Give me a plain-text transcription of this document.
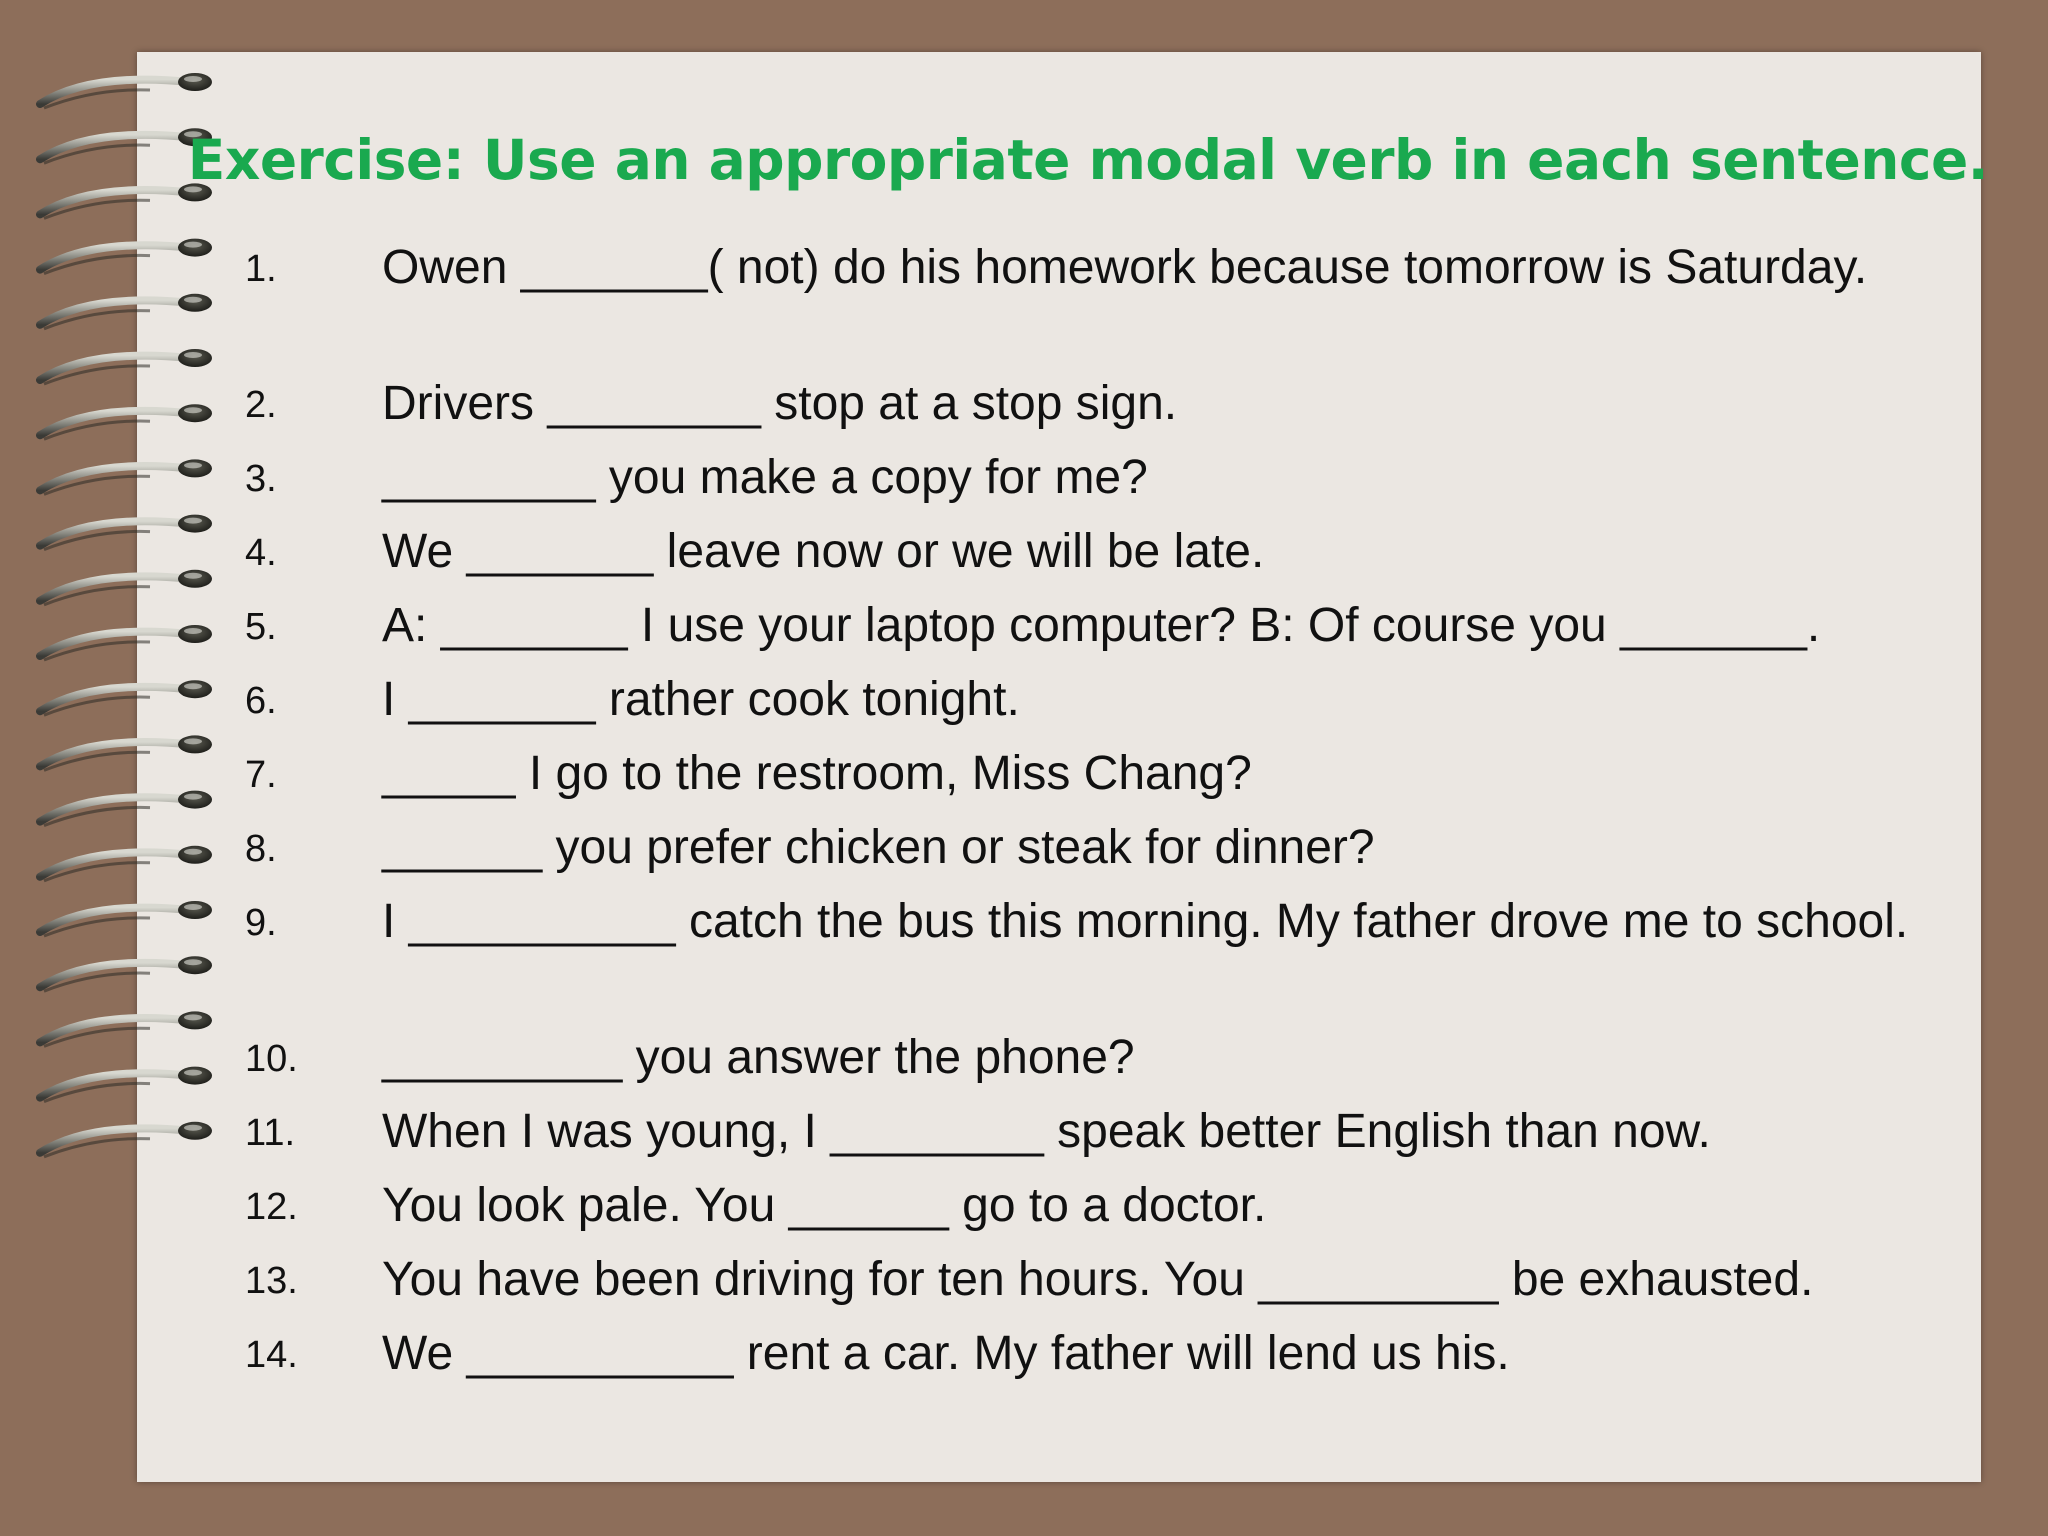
Exercise: Use an appropriate modal verb in each sentence.
1. Owen _______( not) do his homework because tomorrow is Saturday.
2. Drivers ________ stop at a stop sign.
3. ________ you make a copy for me?
4. We _______ leave now or we will be late.
5. A: _______ I use your laptop computer? B: Of course you _______.
6. I _______ rather cook tonight.
7. _____ I go to the restroom, Miss Chang?
8. ______ you prefer chicken or steak for dinner?
9. I __________ catch the bus this morning. My father drove me to school.
10. _________ you answer the phone?
11. When I was young, I ________ speak better English than now.
12. You look pale. You ______ go to a doctor.
13. You have been driving for ten hours. You _________ be exhausted.
14. We __________ rent a car. My father will lend us his.
